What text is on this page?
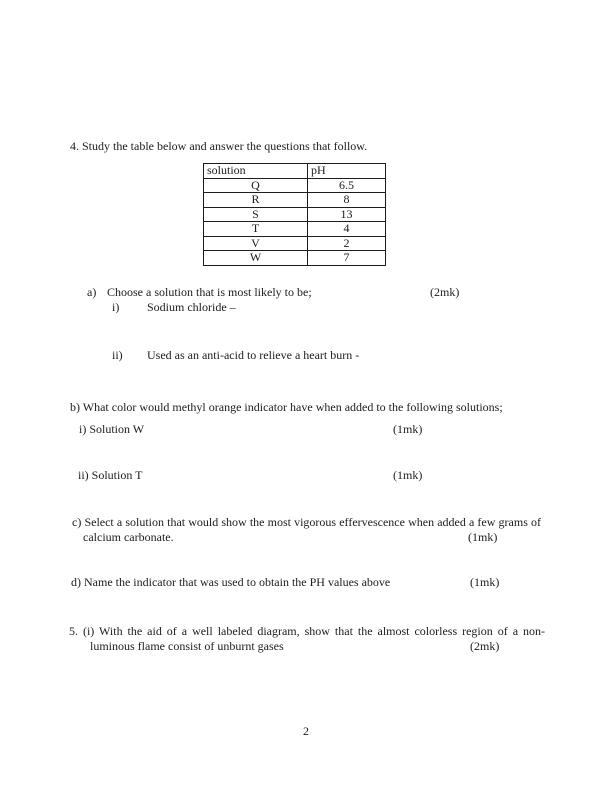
4. Study the table below and answer the questions that follow.
solution	pH
Q	6.5
R	8
S	13
T	4
V	2
W	7
a) Choose a solution that is most likely to be;	(2mk)
i) Sodium chloride –
ii) Used as an anti-acid to relieve a heart burn -
b) What color would methyl orange indicator have when added to the following solutions;
i) Solution W	(1mk)
ii) Solution T	(1mk)
c) Select a solution that would show the most vigorous effervescence when added a few grams of
calcium carbonate.	(1mk)
d) Name the indicator that was used to obtain the PH values above	(1mk)
5. (i) With the aid of a well labeled diagram, show that the almost colorless region of a non-
luminous flame consist of unburnt gases	(2mk)
2
